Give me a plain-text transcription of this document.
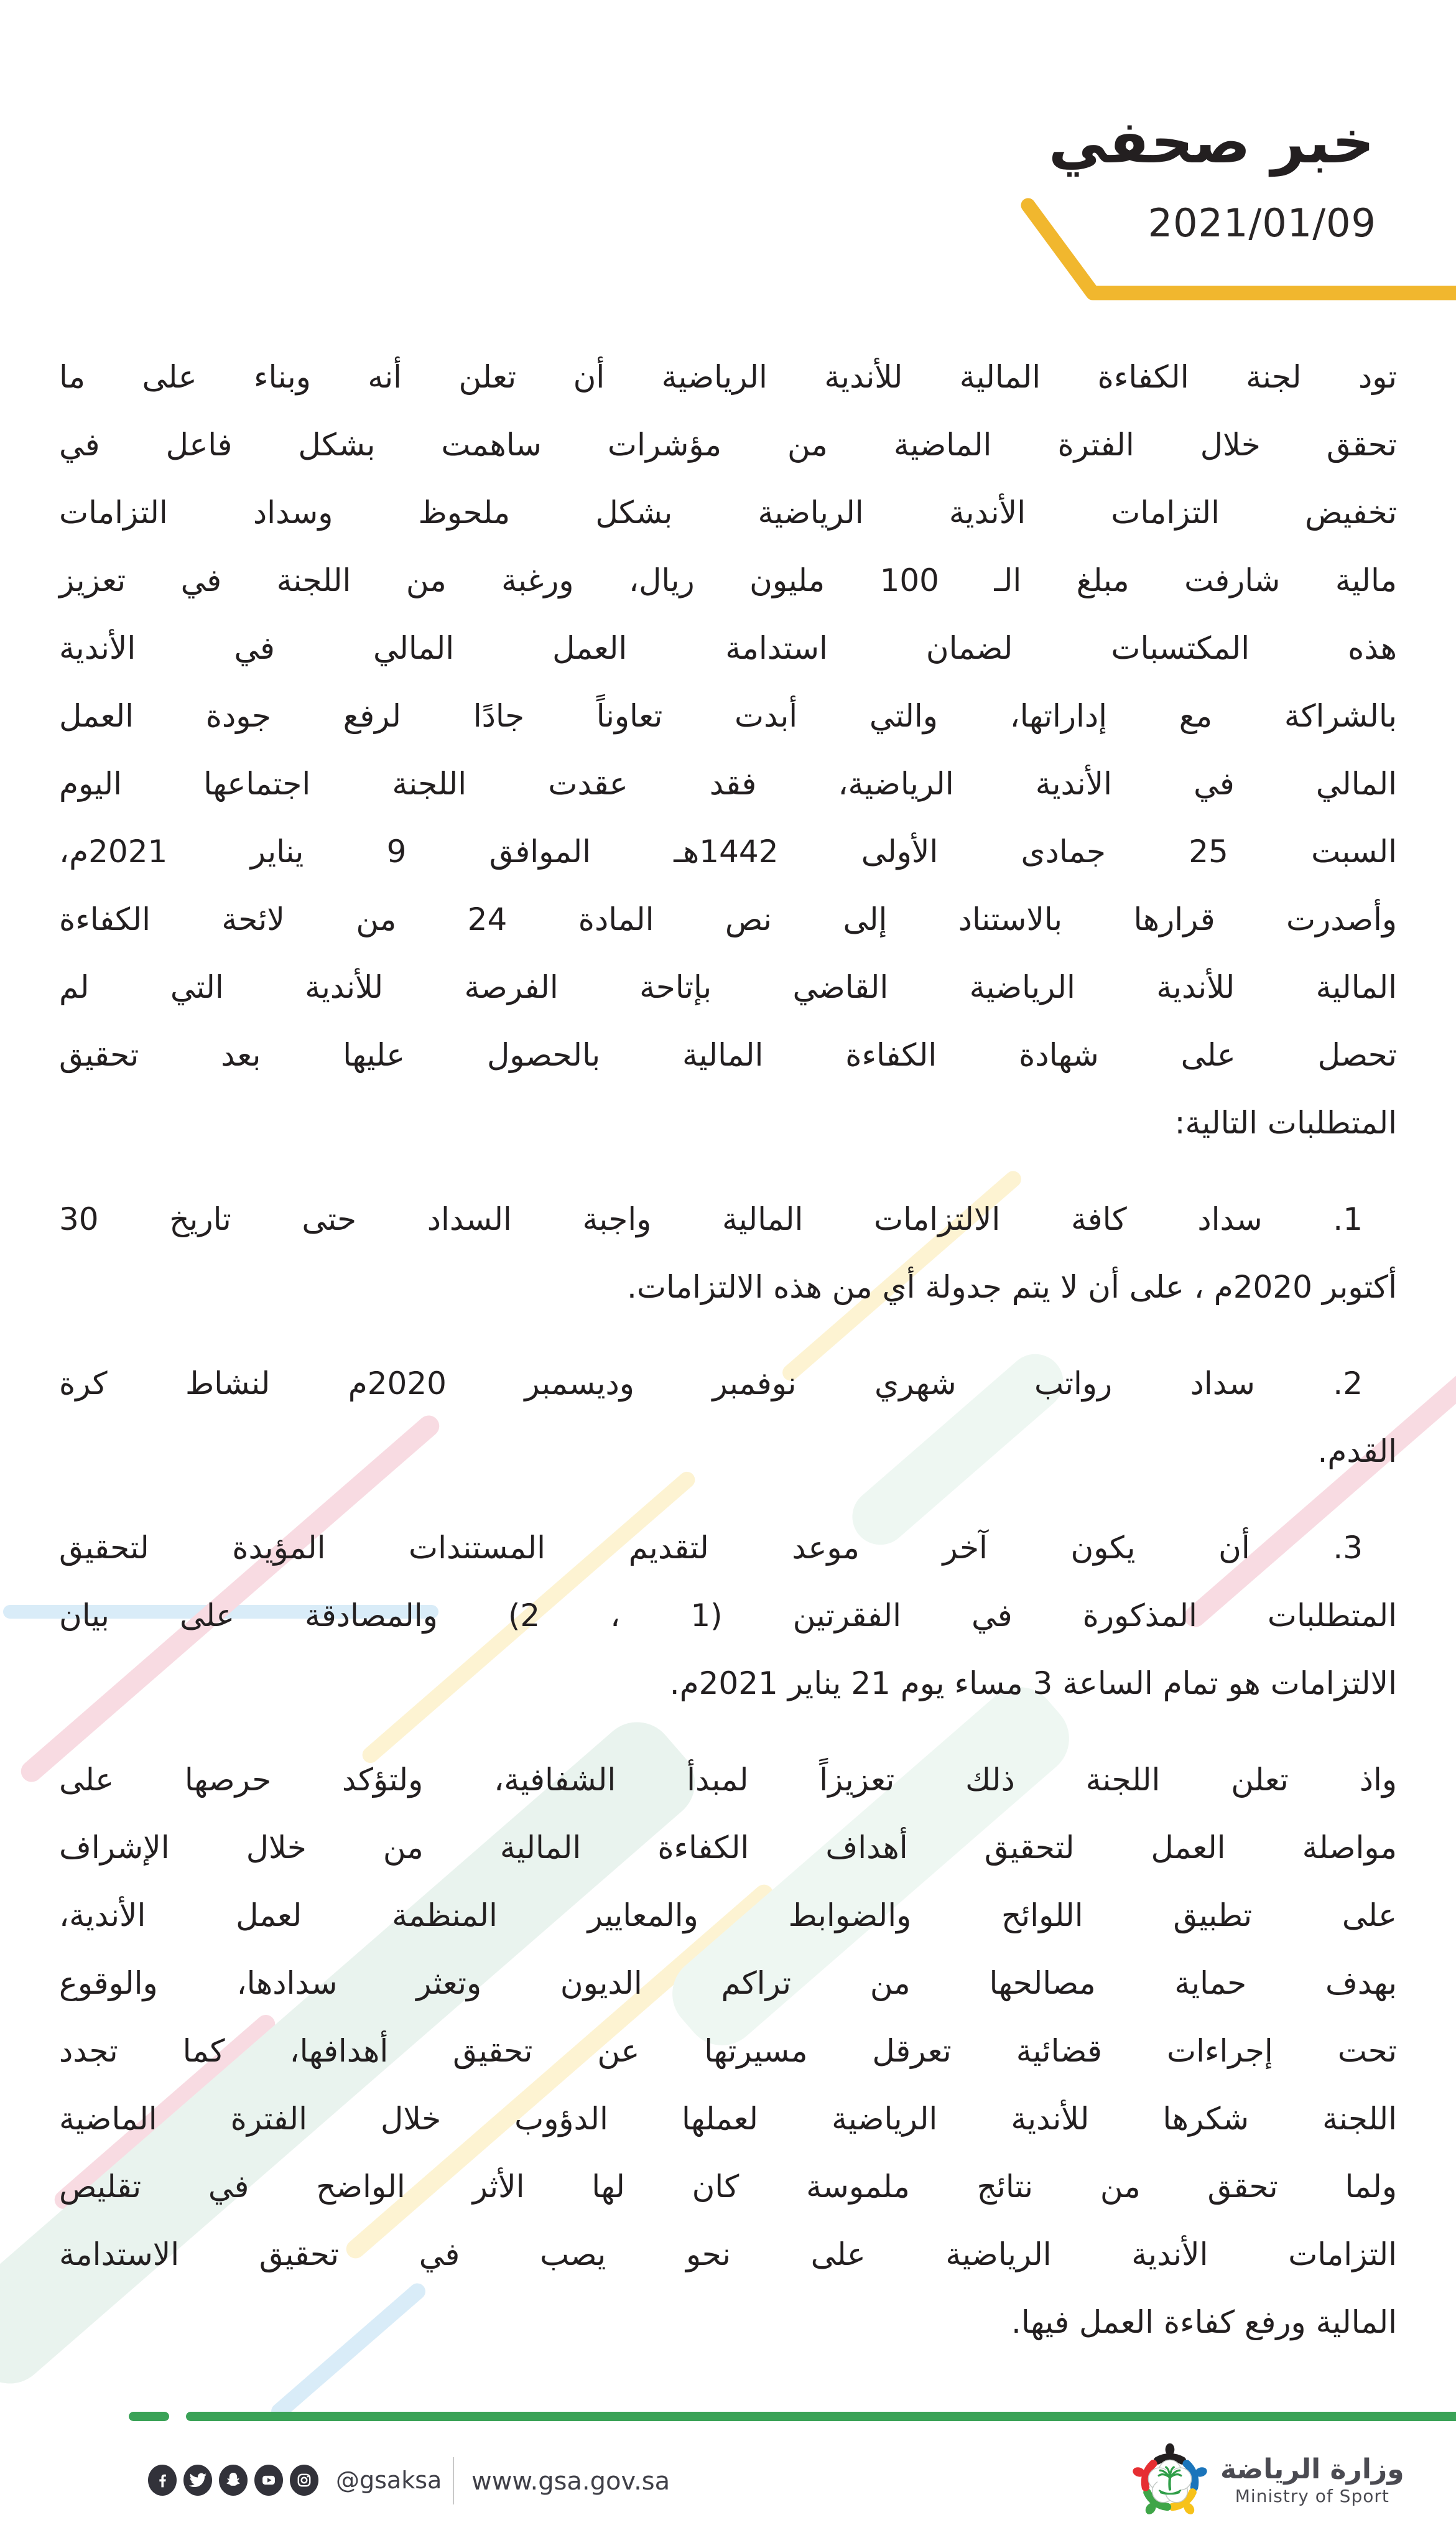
خبر صحفي
2021/01/09
تود لجنة الكفاءة المالية للأندية الرياضية أن تعلن أنه وبناء على ما
تحقق خلال الفترة الماضية من مؤشرات ساهمت بشكل فاعل في
تخفيض التزامات الأندية الرياضية بشكل ملحوظ وسداد التزامات
مالية شارفت مبلغ الـ 100 مليون ريال، ورغبة من اللجنة في تعزيز
هذه المكتسبات لضمان استدامة العمل المالي في الأندية
بالشراكة مع إداراتها، والتي أبدت تعاوناً جادًا لرفع جودة العمل
المالي في الأندية الرياضية، فقد عقدت اللجنة اجتماعها اليوم
السبت 25 جمادى الأولى 1442هـ الموافق 9 يناير 2021م،
وأصدرت قرارها بالاستناد إلى نص المادة 24 من لائحة الكفاءة
المالية للأندية الرياضية القاضي بإتاحة الفرصة للأندية التي لم
تحصل على شهادة الكفاءة المالية بالحصول عليها بعد تحقيق
المتطلبات التالية:
1. سداد كافة الالتزامات المالية واجبة السداد حتى تاريخ 30
أكتوبر 2020م ، على أن لا يتم جدولة أي من هذه الالتزامات.
2. سداد رواتب شهري نوفمبر وديسمبر 2020م لنشاط كرة
القدم.
3. أن يكون آخر موعد لتقديم المستندات المؤيدة لتحقيق
المتطلبات المذكورة في الفقرتين (1 ، 2) والمصادقة على بيان
الالتزامات هو تمام الساعة 3 مساء يوم 21 يناير 2021م.
واذ تعلن اللجنة ذلك تعزيزاً لمبدأ الشفافية، ولتؤكد حرصها على
مواصلة العمل لتحقيق أهداف الكفاءة المالية من خلال الإشراف
على تطبيق اللوائح والضوابط والمعايير المنظمة لعمل الأندية،
بهدف حماية مصالحها من تراكم الديون وتعثر سدادها، والوقوع
تحت إجراءات قضائية تعرقل مسيرتها عن تحقيق أهدافها، كما تجدد
اللجنة شكرها للأندية الرياضية لعملها الدؤوب خلال الفترة الماضية
ولما تحقق من نتائج ملموسة كان لها الأثر الواضح في تقليص
التزامات الأندية الرياضية على نحو يصب في تحقيق الاستدامة
المالية ورفع كفاءة العمل فيها.
@gsaksa www.gsa.gov.sa	وزارة الرياضة
Ministry of Sport
